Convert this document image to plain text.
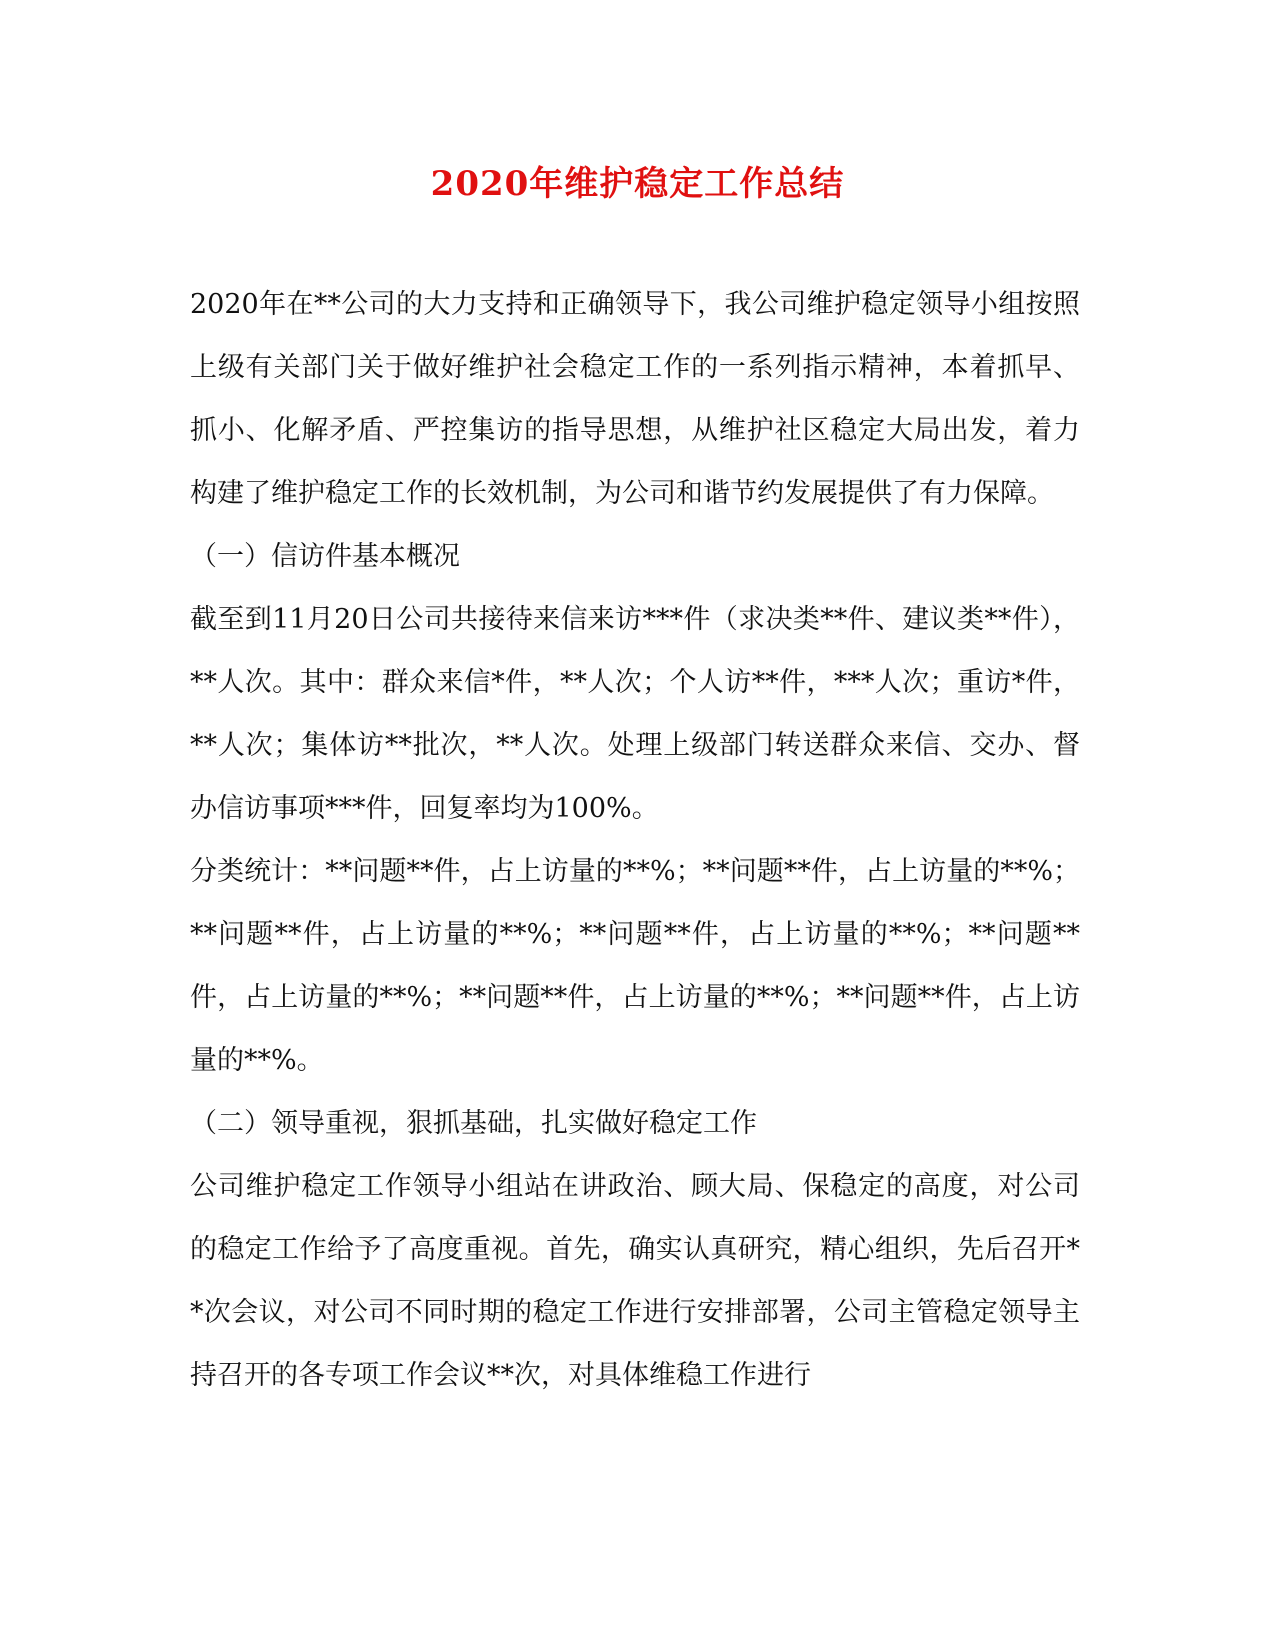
2020年维护稳定工作总结

2020年在**公司的大力支持和正确领导下，我公司维护稳定领导小组按照上级有关部门关于做好维护社会稳定工作的一系列指示精神，本着抓早、抓小、化解矛盾、严控集访的指导思想，从维护社区稳定大局出发，着力构建了维护稳定工作的长效机制，为公司和谐节约发展提供了有力保障。

（一）信访件基本概况

截至到11月20日公司共接待来信来访***件（求决类**件、建议类**件），**人次。其中：群众来信*件，**人次；个人访**件，***人次；重访*件，**人次；集体访**批次，**人次。处理上级部门转送群众来信、交办、督办信访事项***件，回复率均为100%。

分类统计：**问题**件，占上访量的**%；**问题**件，占上访量的**%；**问题**件，占上访量的**%；**问题**件，占上访量的**%；**问题**件，占上访量的**%；**问题**件，占上访量的**%；**问题**件，占上访量的**%。

（二）领导重视，狠抓基础，扎实做好稳定工作

公司维护稳定工作领导小组站在讲政治、顾大局、保稳定的高度，对公司的稳定工作给予了高度重视。首先，确实认真研究，精心组织，先后召开**次会议，对公司不同时期的稳定工作进行安排部署，公司主管稳定领导主持召开的各专项工作会议**次，对具体维稳工作进行
